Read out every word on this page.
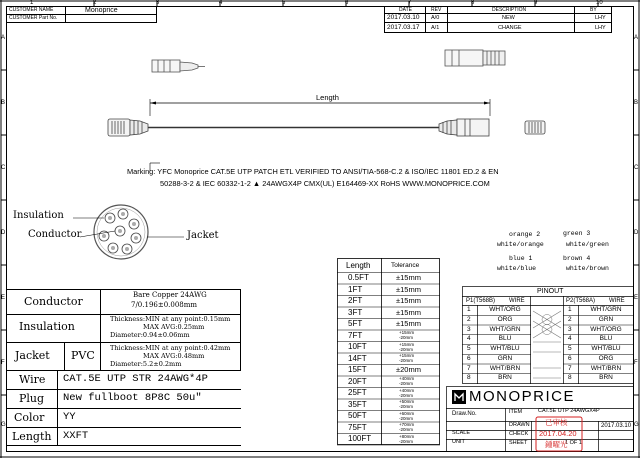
1	2	3	4	5	6	7	8	9	10
A
B
C
D
E
F
G
A
B
C
D
E
F
G
CUSTOMER NAME	Monoprice
CUSTOMER Part No.
DATE	REV	DESCRIPTION	BY
2017.03.10 A/0	NEW	LHY
2017.03.17 A/1	CHANGE	LHY
Length
Marking: YFC Monoprice CAT.5E UTP PATCH ETL VERIFIED TO ANSI/TIA-568-C.2 & ISO/IEC 11801 ED.2 & EN
50288-3-2 & IEC 60332-1-2 ▲ 24AWGX4P CMX(UL) E164469-XX RoHS WWW.MONOPRICE.COM
Insulation
Conductor	Jacket
Conductor	Bare Copper 24AWG
7/0.196±0.008mm
Insulation
Thickness:MIN at any point:0.15mm
MAX AVG:0.25mm
Diameter:0.94±0.06mm
Jacket PVC
Thickness:MIN at any point:0.42mm
MAX AVG:0.48mm
Diameter:5.2±0.2mm
Wire CAT.5E UTP STR 24AWG*4P
Plug New fullboot 8P8C 50u"
Color YY
Length XXFT
Length	Tolerance
0.5FT	±15mm
1FT	±15mm
2FT	±15mm
3FT	±15mm
5FT	±15mm
7FT	+15mm
-20mm
10FT	+15mm
-20mm
14FT	+15mm
-20mm
15FT	±20mm
20FT	+40mm
-20mm
25FT	+40mm
-20mm
35FT	+50mm
-20mm
50FT	+60mm
-20mm
75FT	+70mm
-20mm
100FT	+80mm
-20mm
orange 2
white/orange
green 3
white/green
blue 1
white/blue
brown 4
white/brown
PINOUT
P1(T568B) WIRE	P2(T568A) WIRE
1	WHT/ORG	1	WHT/GRN
2	ORG	2	GRN
3	WHT/GRN	3	WHT/ORG
4	BLU	4	BLU
5	WHT/BLU	5	WHT/BLU
6	GRN	6	ORG
7	WHT/BRN	7	WHT/BRN
8	BRN	8	BRN
MONOPRICE
Draw.No.	ITEM	CAT.5E UTP 24AWGX4P
DRAWN	2017.03.10
CHECK
SCALE
UNIT	SHEET	1 OF 1
已审核
2017.04.20
鍾曜光
